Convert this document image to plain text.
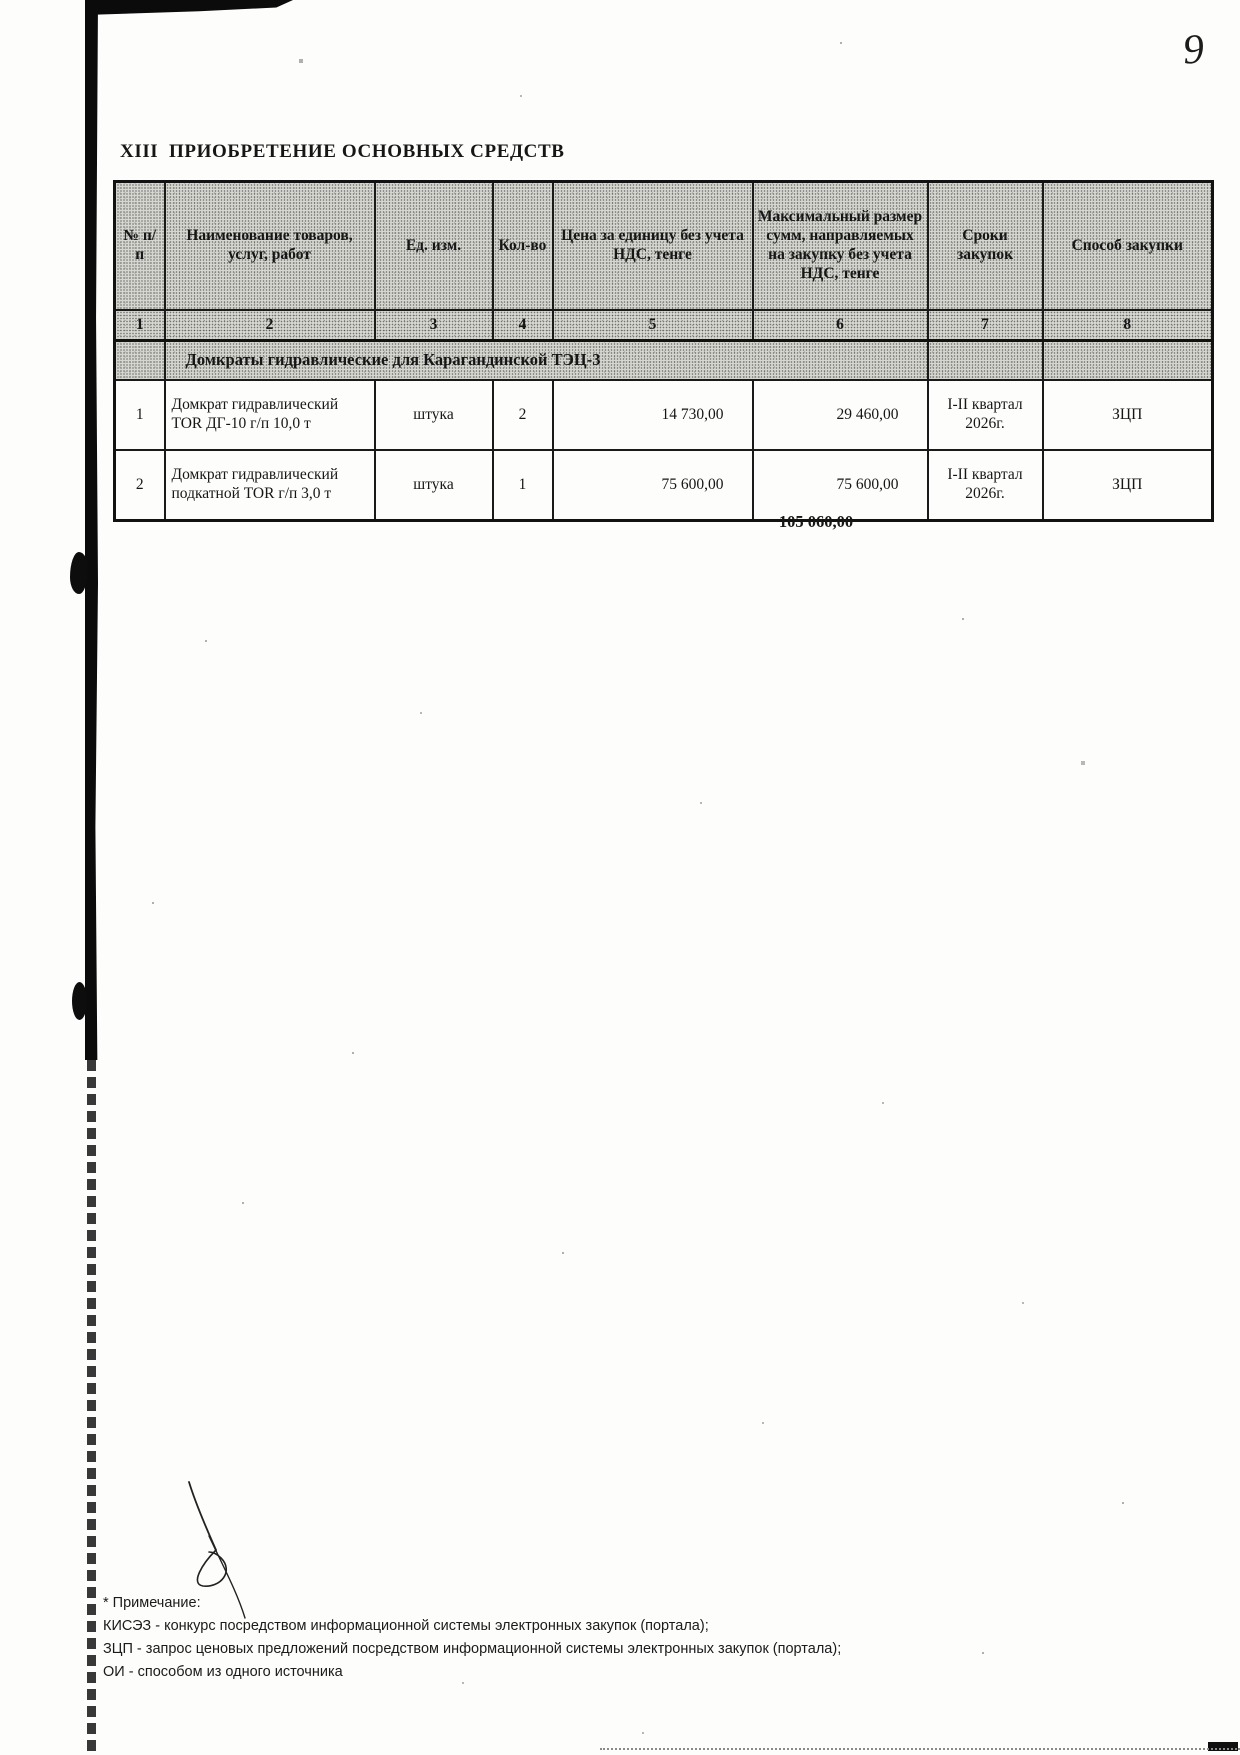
9
XIII  ПРИОБРЕТЕНИЕ ОСНОВНЫХ СРЕДСТВ
№ п/п	Наименование товаров, услуг, работ	Ед. изм.	Кол-во	Цена за единицу без учета НДС, тенге	Максимальный размер сумм, направляемых на закупку без учета НДС, тенге	Сроки закупок	Способ закупки
1	2	3	4	5	6	7	8
	Домкраты гидравлические для Карагандинской ТЭЦ-3						
1	Домкрат гидравлический TOR ДГ-10 г/п 10,0 т	штука	2	14 730,00	29 460,00	I-II квартал 2026г.	ЗЦП
2	Домкрат гидравлический подкатной TOR г/п 3,0 т	штука	1	75 600,00	75 600,00	I-II квартал 2026г.	ЗЦП
105 060,00
* Примечание:
КИСЭЗ - конкурс посредством информационной системы электронных закупок (портала);
ЗЦП - запрос ценовых предложений посредством информационной системы электронных закупок (портала);
ОИ - способом из одного источника
